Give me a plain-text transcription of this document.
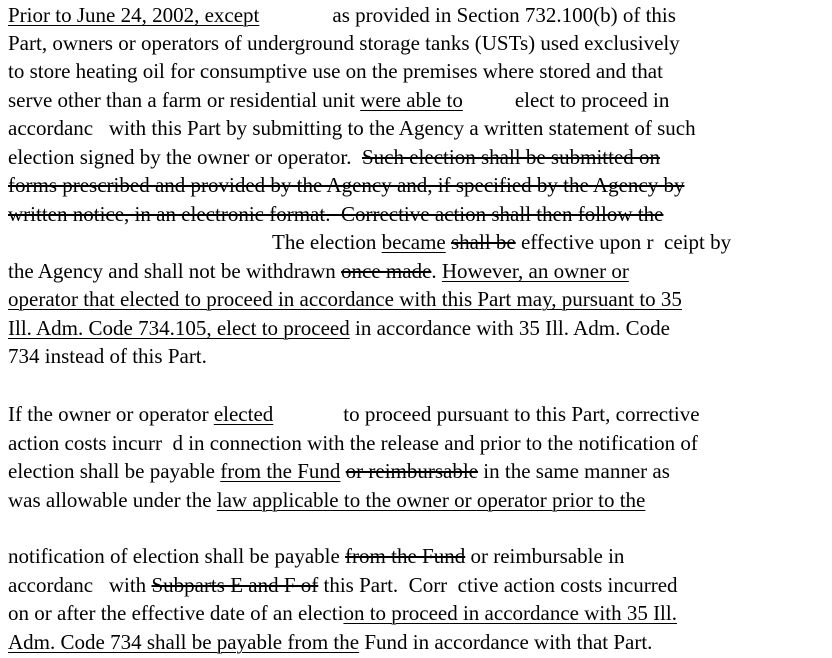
Prior to June 24, 2002, except	as provided in Section 732.100(b) of this
Part, owners or operators of underground storage tanks (USTs) used exclusively
to store heating oil for consumptive use on the premises where stored and that
serve other than a farm or residential unit were able to elect to proceed in
accordanc   with this Part by submitting to the Agency a written statement of such
election signed by the owner or operator.  Such election shall be submitted on
forms prescribed and provided by the Agency and, if specified by the Agency by
written notice, in an electronic format.  Corrective action shall then follow the
The election became shall be effective upon r  ceipt by
the Agency and shall not be withdrawn once made. However, an owner or
operator that elected to proceed in accordance with this Part may, pursuant to 35
Ill. Adm. Code 734.105, elect to proceed in accordance with 35 Ill. Adm. Code
734 instead of this Part.
If the owner or operator elected	to proceed pursuant to this Part, corrective
action costs incurr  d in connection with the release and prior to the notification of
election shall be payable from the Fund or reimbursable in the same manner as
was allowable under the law applicable to the owner or operator prior to the
notification of election shall be payable from the Fund or reimbursable in
accordanc   with Subparts E and F of this Part.  Corr  ctive action costs incurred
on or after the effective date of an election to proceed in accordance with 35 Ill.
Adm. Code 734 shall be payable from the Fund in accordance with that Part.
